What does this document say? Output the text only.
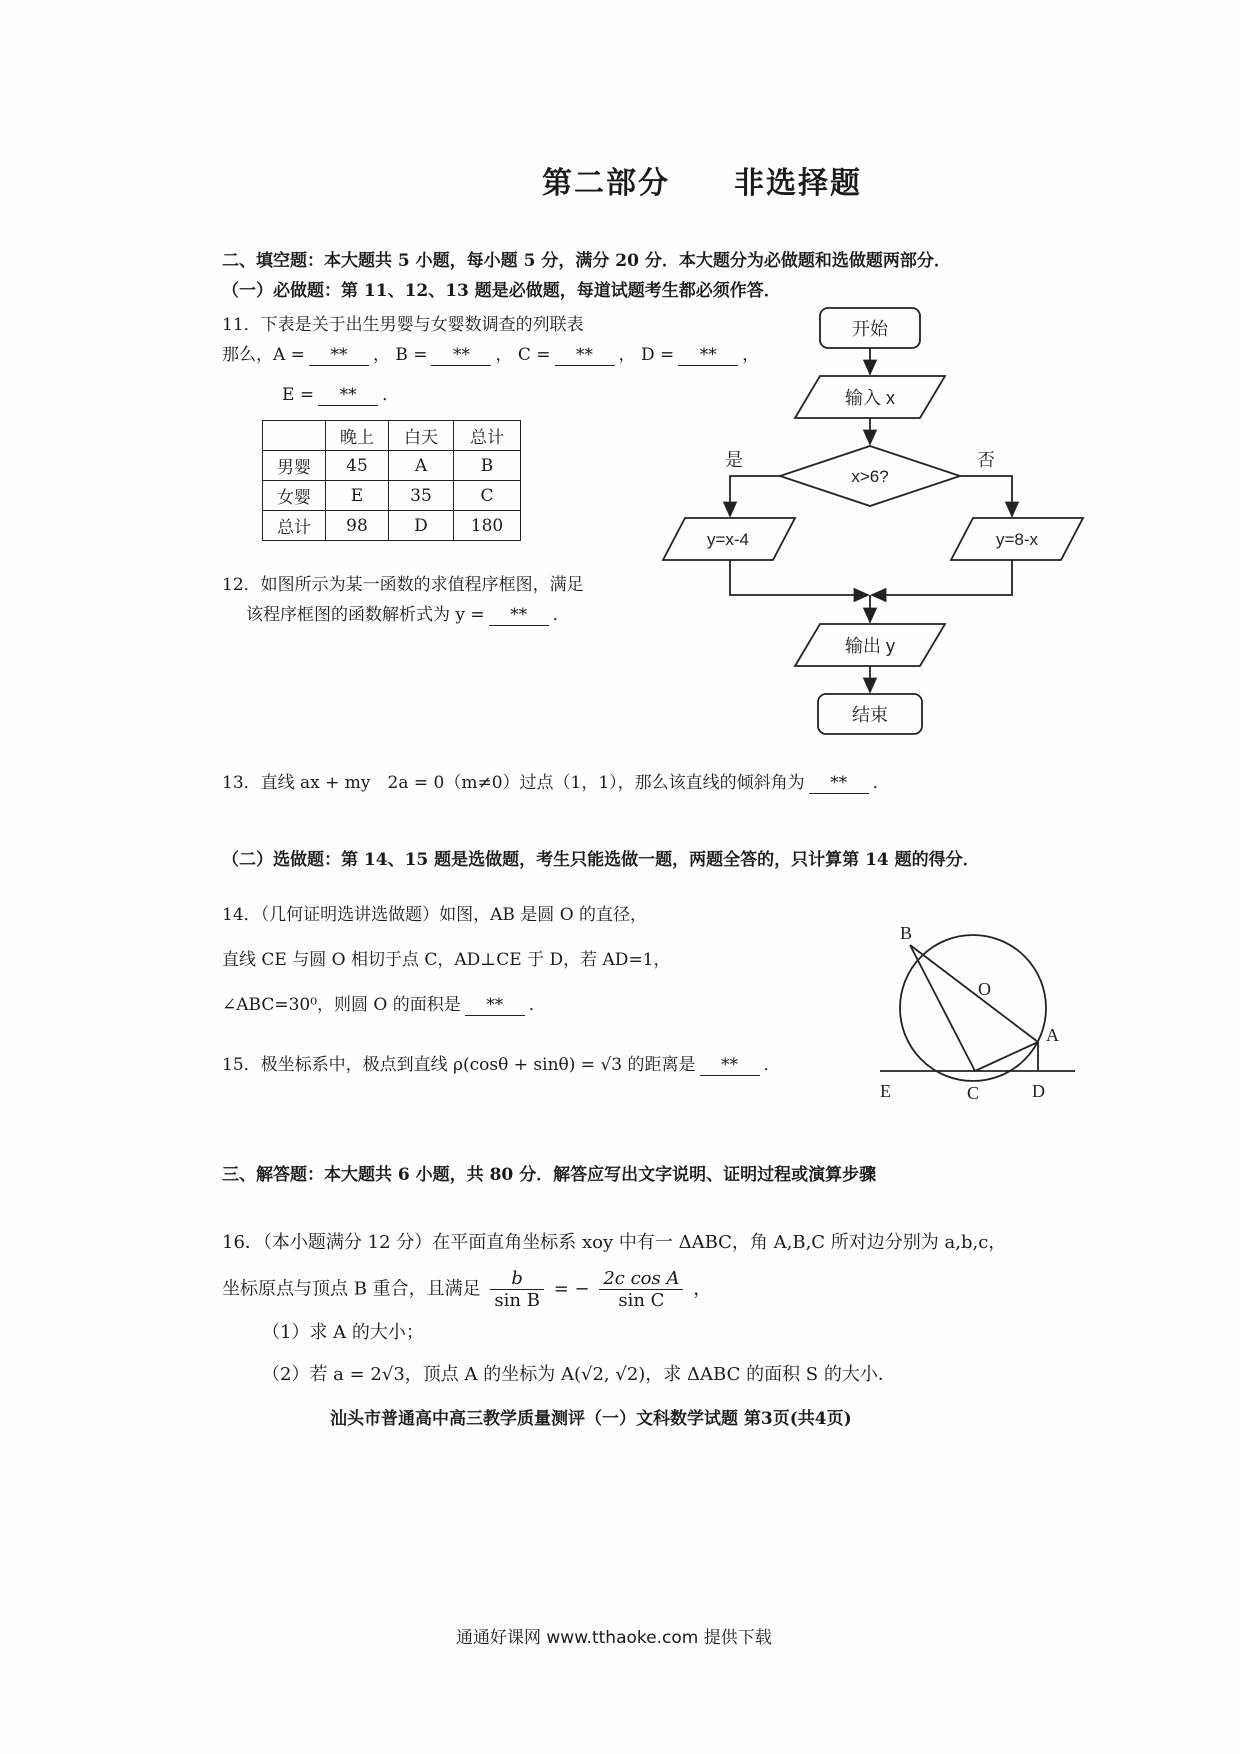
第二部分　　非选择题
二、填空题：本大题共 5 小题，每小题 5 分，满分 20 分．本大题分为必做题和选做题两部分．
（一）必做题：第 11、12、13 题是必做题，每道试题考生都必须作答．
11．下表是关于出生男婴与女婴数调查的列联表
那么，A = ** ， B = ** ， C = ** ， D = ** ，
E = ** ．
	晚上	白天	总计
男婴	45	A	B
女婴	E	35	C
总计	98	D	180
12．如图所示为某一函数的求值程序框图，满足
该程序框图的函数解析式为 y = ** ．
开始
输入 x
x>6?
是	否
y=x-4	y=8-x
输出 y
结束
13．直线 ax + my　2a = 0（m≠0）过点（1，1），那么该直线的倾斜角为 ** ．
（二）选做题：第 14、15 题是选做题，考生只能选做一题，两题全答的，只计算第 14 题的得分．
14．（几何证明选讲选做题）如图，AB 是圆 O 的直径，
直线 CE 与圆 O 相切于点 C，AD⊥CE 于 D，若 AD=1，
∠ABC=30⁰，则圆 O 的面积是 ** ．
15．极坐标系中，极点到直线 ρ(cosθ + sinθ) = √3 的距离是 ** ．
B
O
A
E	C	D
三、解答题：本大题共 6 小题，共 80 分．解答应写出文字说明、证明过程或演算步骤
16．（本小题满分 12 分）在平面直角坐标系 xoy 中有一 ΔABC，角 A,B,C 所对边分别为 a,b,c，
坐标原点与顶点 B 重合，且满足 $\frac{b}{\text{sin B}}$ = − $\frac{\text{2c cos A}}{\text{sin C}}$ ，
（1）求 A 的大小；
（2）若 a = 2√3，顶点 A 的坐标为 A(√2, √2)，求 ΔABC 的面积 S 的大小．
汕头市普通高中高三教学质量测评（一）文科数学试题 第3页(共4页)
通通好课网 www.tthaoke.com 提供下载
